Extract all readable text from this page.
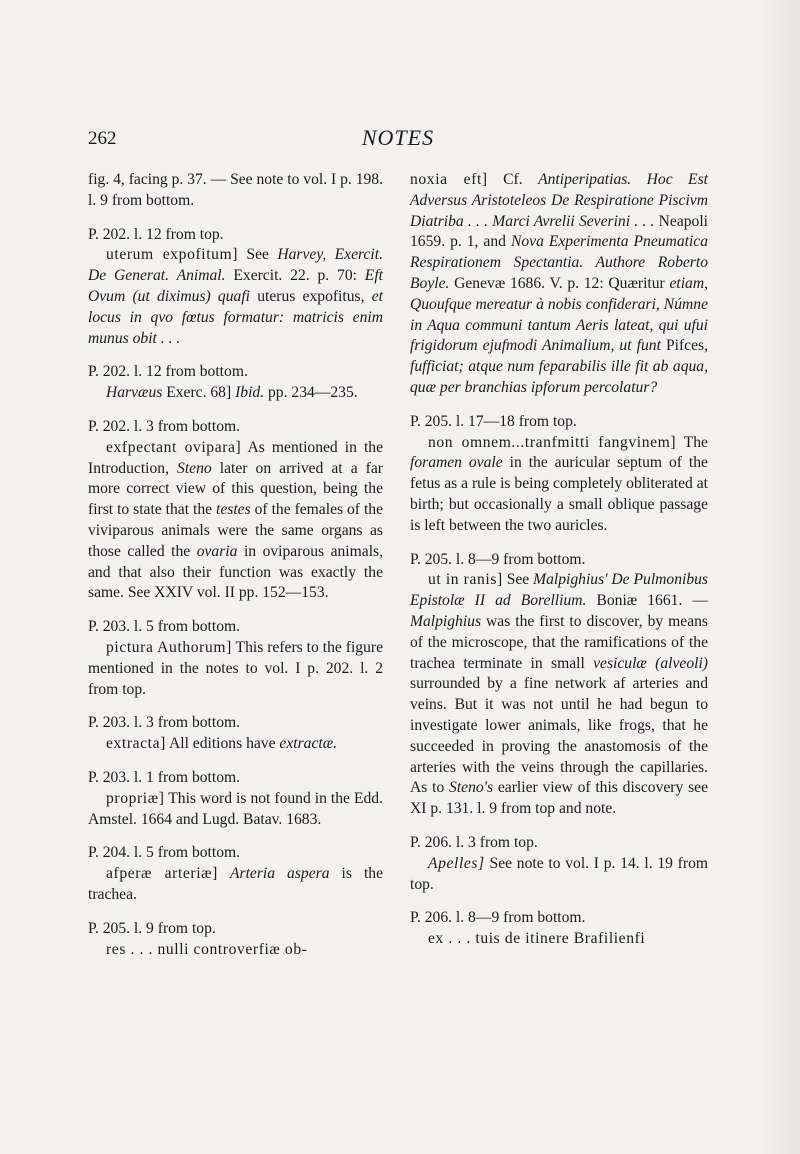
262	NOTES

fig. 4, facing p. 37. — See note to vol. I p. 198. l. 9 from bottom.

P. 202. l. 12 from top.

uterum expofitum] See Harvey, Exercit. De Generat. Animal. Exercit. 22. p. 70: Eft Ovum (ut diximus) quafi uterus expofitus, et locus in qvo fœtus formatur: matricis enim munus obit . . .

P. 202. l. 12 from bottom.

Harvæus Exerc. 68] Ibid. pp. 234—235.

P. 202. l. 3 from bottom.

exfpectant ovipara] As mentioned in the Introduction, Steno later on arrived at a far more correct view of this question, being the first to state that the testes of the females of the viviparous animals were the same organs as those called the ovaria in oviparous animals, and that also their function was exactly the same. See XXIV vol. II pp. 152—153.

P. 203. l. 5 from bottom.

pictura Authorum] This refers to the figure mentioned in the notes to vol. I p. 202. l. 2 from top.

P. 203. l. 3 from bottom.

extracta] All editions have extractæ.

P. 203. l. 1 from bottom.

propriæ] This word is not found in the Edd. Amstel. 1664 and Lugd. Batav. 1683.

P. 204. l. 5 from bottom.

afperæ arteriæ] Arteria aspera is the trachea.

P. 205. l. 9 from top.

res . . . nulli controverfiæ ob-

noxia eft] Cf. Antiperipatias. Hoc Est Adversus Aristoteleos De Respiratione Piscivm Diatriba . . . Marci Avrelii Severini . . . Neapoli 1659. p. 1, and Nova Experimenta Pneumatica Respirationem Spectantia. Authore Roberto Boyle. Genevæ 1686. V. p. 12: Quæritur etiam, Quoufque mereatur à nobis confiderari, Númne in Aqua communi tantum Aeris lateat, qui ufui frigidorum ejufmodi Animalium, ut funt Pifces, fufficiat; atque num feparabilis ille fit ab aqua, quæ per branchias ipforum percolatur?

P. 205. l. 17—18 from top.

non omnem...tranfmitti fangvinem] The foramen ovale in the auricular septum of the fetus as a rule is being completely obliterated at birth; but occasionally a small oblique passage is left between the two auricles.

P. 205. l. 8—9 from bottom.

ut in ranis] See Malpighius' De Pulmonibus Epistolæ II ad Borellium. Boniæ 1661. — Malpighius was the first to discover, by means of the microscope, that the ramifications of the trachea terminate in small vesiculæ (alveoli) surrounded by a fine network af arteries and veins. But it was not until he had begun to investigate lower animals, like frogs, that he succeeded in proving the anastomosis of the arteries with the veins through the capillaries. As to Steno's earlier view of this discovery see XI p. 131. l. 9 from top and note.

P. 206. l. 3 from top.

Apelles] See note to vol. I p. 14. l. 19 from top.

P. 206. l. 8—9 from bottom.

ex . . . tuis de itinere Brafilienfi
